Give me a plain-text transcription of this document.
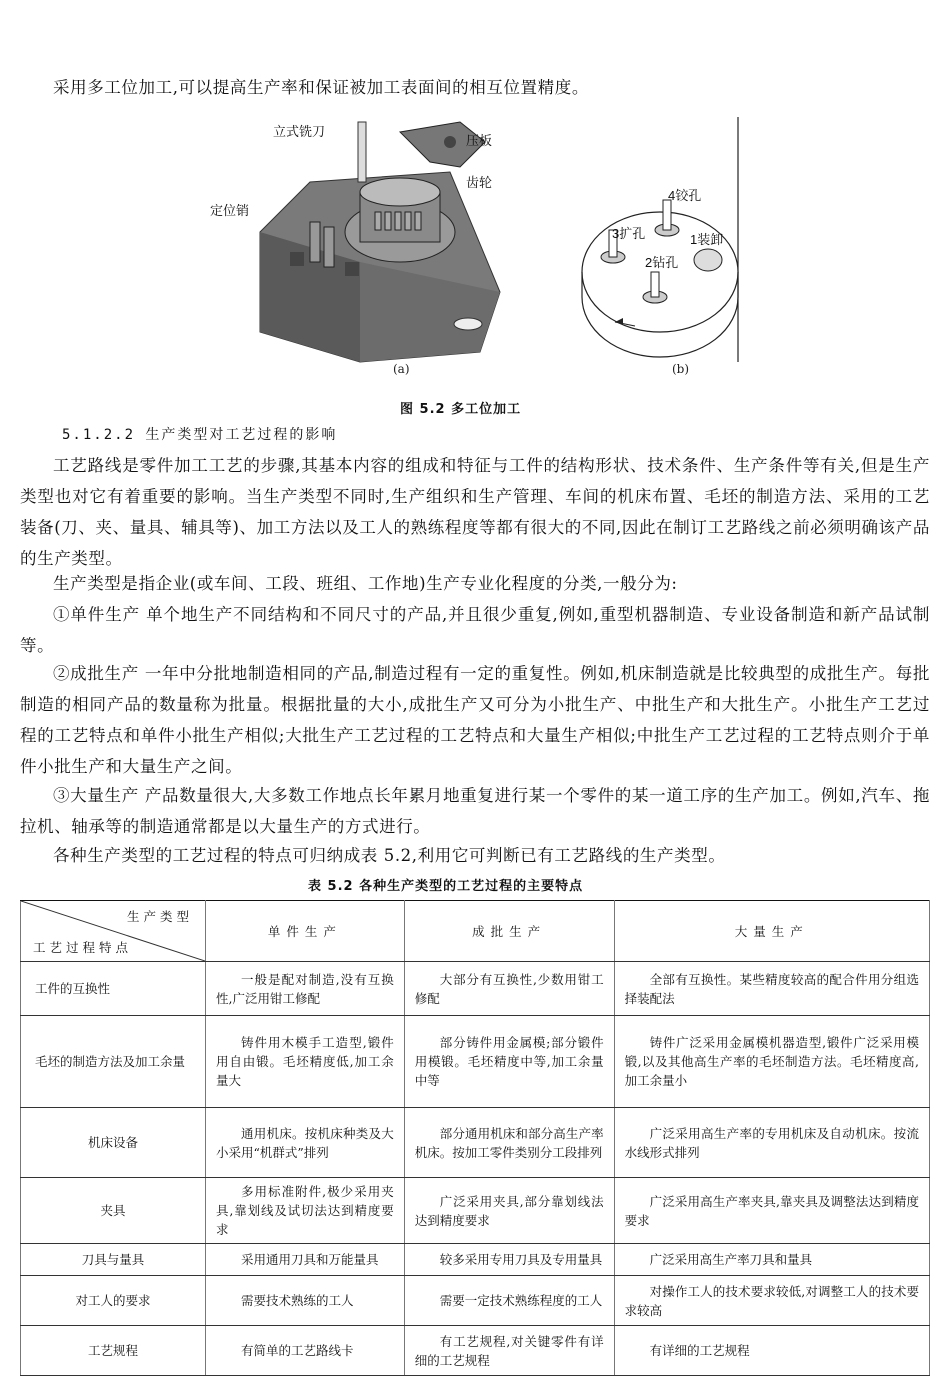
采用多工位加工,可以提高生产率和保证被加工表面间的相互位置精度。

立式铣刀
压板
齿轮
定位销
(a)
4铰孔
3扩孔	1装卸
2钻孔
(b)
图 5.2 多工位加工
5.1.2.2 生产类型对工艺过程的影响

工艺路线是零件加工工艺的步骤,其基本内容的组成和特征与工件的结构形状、技术条件、生产条件等有关,但是生产类型也对它有着重要的影响。当生产类型不同时,生产组织和生产管理、车间的机床布置、毛坯的制造方法、采用的工艺装备(刀、夹、量具、辅具等)、加工方法以及工人的熟练程度等都有很大的不同,因此在制订工艺路线之前必须明确该产品的生产类型。

生产类型是指企业(或车间、工段、班组、工作地)生产专业化程度的分类,一般分为:

①单件生产 单个地生产不同结构和不同尺寸的产品,并且很少重复,例如,重型机器制造、专业设备制造和新产品试制等。

②成批生产 一年中分批地制造相同的产品,制造过程有一定的重复性。例如,机床制造就是比较典型的成批生产。每批制造的相同产品的数量称为批量。根据批量的大小,成批生产又可分为小批生产、中批生产和大批生产。小批生产工艺过程的工艺特点和单件小批生产相似;大批生产工艺过程的工艺特点和大量生产相似;中批生产工艺过程的工艺特点则介于单件小批生产和大量生产之间。

③大量生产 产品数量很大,大多数工作地点长年累月地重复进行某一个零件的某一道工序的生产加工。例如,汽车、拖拉机、轴承等的制造通常都是以大量生产的方式进行。

各种生产类型的工艺过程的特点可归纳成表 5.2,利用它可判断已有工艺路线的生产类型。

表 5.2 各种生产类型的工艺过程的主要特点
生产类型
工艺过程特点	单件生产	成批生产	大量生产
工件的互换性	一般是配对制造,没有互换性,广泛用钳工修配	大部分有互换性,少数用钳工修配	全部有互换性。某些精度较高的配合件用分组选择装配法
毛坯的制造方法及加工余量	铸件用木模手工造型,锻件用自由锻。毛坯精度低,加工余量大	部分铸件用金属模;部分锻件用模锻。毛坯精度中等,加工余量中等	铸件广泛采用金属模机器造型,锻件广泛采用模锻,以及其他高生产率的毛坯制造方法。毛坯精度高,加工余量小
机床设备	通用机床。按机床种类及大小采用“机群式”排列	部分通用机床和部分高生产率机床。按加工零件类别分工段排列	广泛采用高生产率的专用机床及自动机床。按流水线形式排列
夹具	多用标准附件,极少采用夹具,靠划线及试切法达到精度要求	广泛采用夹具,部分靠划线法达到精度要求	广泛采用高生产率夹具,靠夹具及调整法达到精度要求
刀具与量具	采用通用刀具和万能量具	较多采用专用刀具及专用量具	广泛采用高生产率刀具和量具
对工人的要求	需要技术熟练的工人	需要一定技术熟练程度的工人	对操作工人的技术要求较低,对调整工人的技术要求较高
工艺规程	有简单的工艺路线卡	有工艺规程,对关键零件有详细的工艺规程	有详细的工艺规程
